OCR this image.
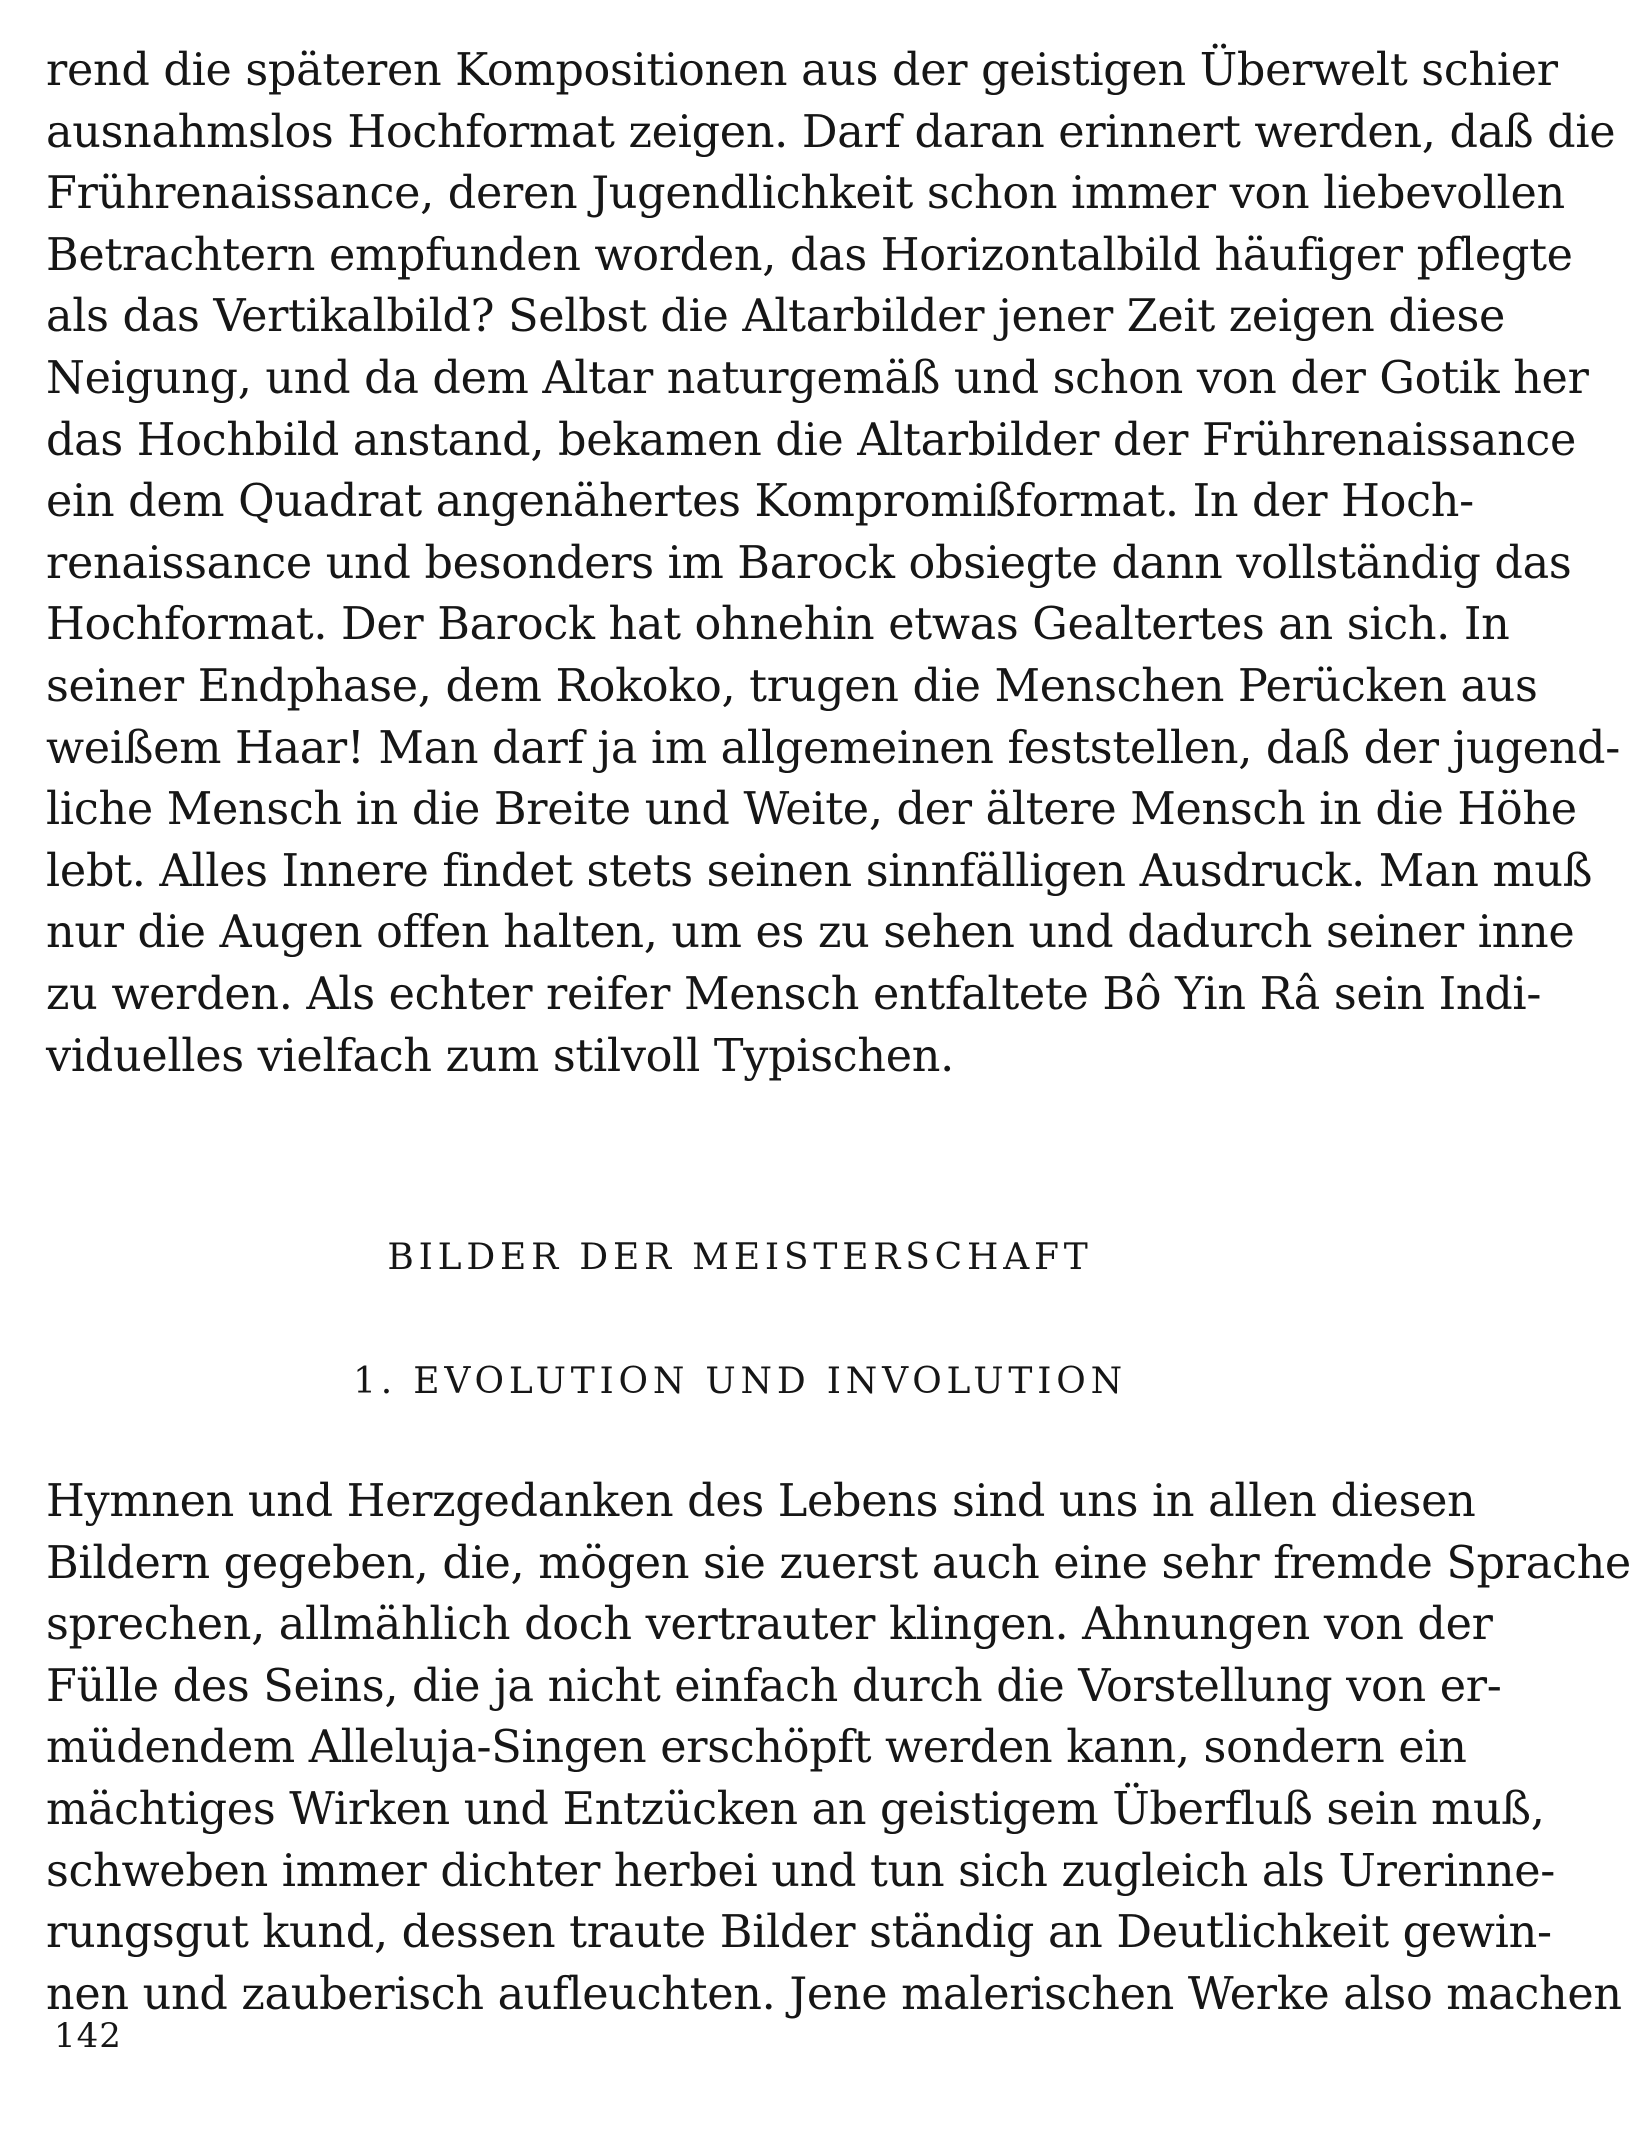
rend die späteren Kompositionen aus der geistigen Überwelt schier
ausnahmslos Hochformat zeigen. Darf daran erinnert werden, daß die
Frührenaissance, deren Jugendlichkeit schon immer von liebevollen
Betrachtern empfunden worden, das Horizontalbild häufiger pflegte
als das Vertikalbild? Selbst die Altarbilder jener Zeit zeigen diese
Neigung, und da dem Altar naturgemäß und schon von der Gotik her
das Hochbild anstand, bekamen die Altarbilder der Frührenaissance
ein dem Quadrat angenähertes Kompromißformat. In der Hoch-
renaissance und besonders im Barock obsiegte dann vollständig das
Hochformat. Der Barock hat ohnehin etwas Gealtertes an sich. In
seiner Endphase, dem Rokoko, trugen die Menschen Perücken aus
weißem Haar! Man darf ja im allgemeinen feststellen, daß der jugend-
liche Mensch in die Breite und Weite, der ältere Mensch in die Höhe
lebt. Alles Innere findet stets seinen sinnfälligen Ausdruck. Man muß
nur die Augen offen halten, um es zu sehen und dadurch seiner inne
zu werden. Als echter reifer Mensch entfaltete Bô Yin Râ sein Indi-
viduelles vielfach zum stilvoll Typischen.
BILDER DER MEISTERSCHAFT
1. EVOLUTION UND INVOLUTION
Hymnen und Herzgedanken des Lebens sind uns in allen diesen
Bildern gegeben, die, mögen sie zuerst auch eine sehr fremde Sprache
sprechen, allmählich doch vertrauter klingen. Ahnungen von der
Fülle des Seins, die ja nicht einfach durch die Vorstellung von er-
müdendem Alleluja-Singen erschöpft werden kann, sondern ein
mächtiges Wirken und Entzücken an geistigem Überfluß sein muß,
schweben immer dichter herbei und tun sich zugleich als Urerinne-
rungsgut kund, dessen traute Bilder ständig an Deutlichkeit gewin-
nen und zauberisch aufleuchten. Jene malerischen Werke also machen

142
